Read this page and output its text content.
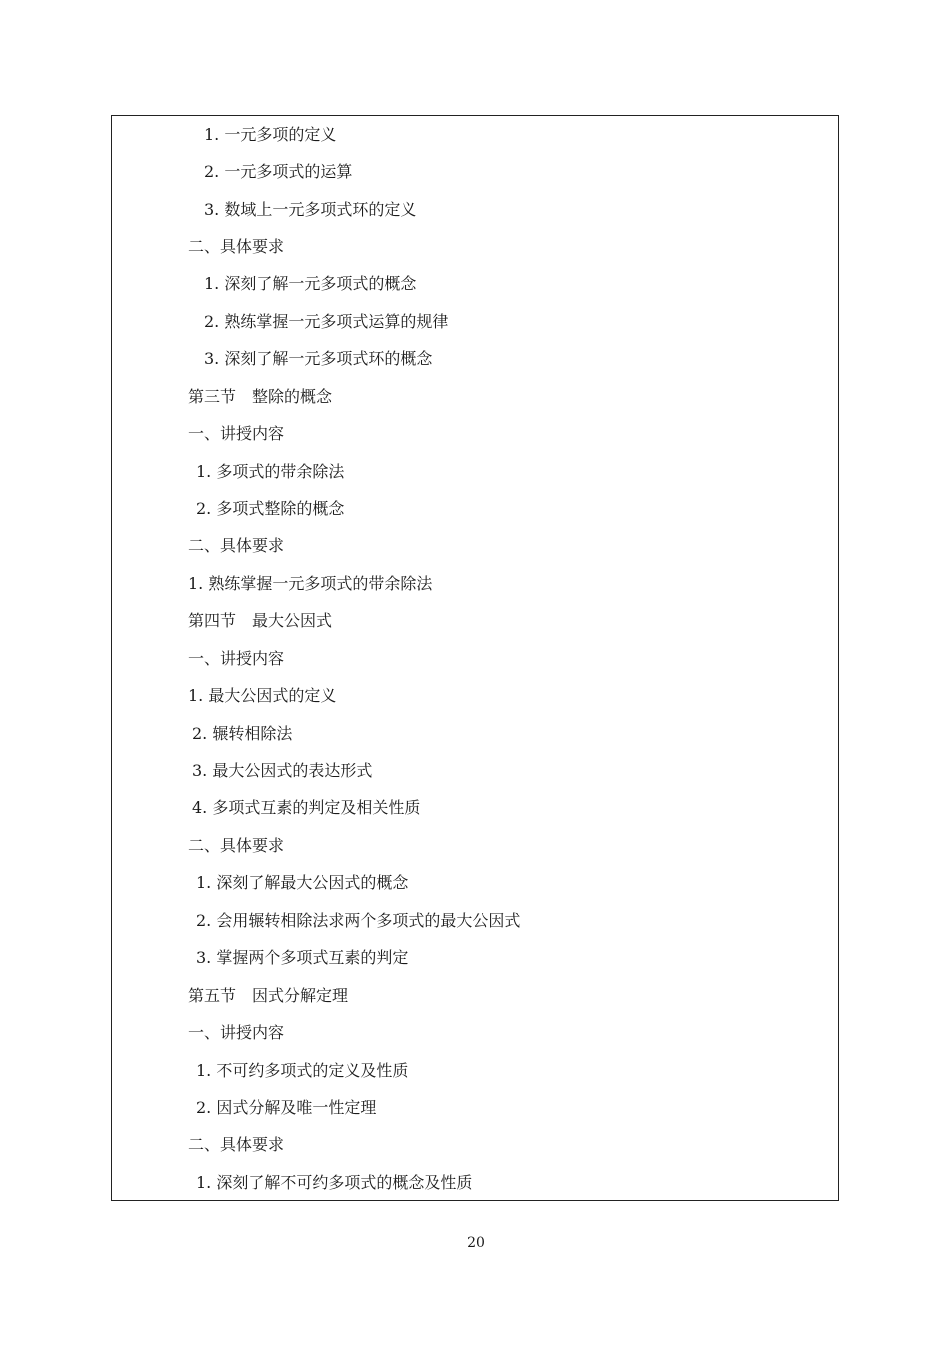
1. 一元多项的定义
2. 一元多项式的运算
3. 数域上一元多项式环的定义
二、具体要求
1. 深刻了解一元多项式的概念
2. 熟练掌握一元多项式运算的规律
3. 深刻了解一元多项式环的概念
第三节　整除的概念
一、讲授内容
1. 多项式的带余除法
2. 多项式整除的概念
二、具体要求
1. 熟练掌握一元多项式的带余除法
第四节　最大公因式
一、讲授内容
1. 最大公因式的定义
2. 辗转相除法
3. 最大公因式的表达形式
4. 多项式互素的判定及相关性质
二、具体要求
1. 深刻了解最大公因式的概念
2. 会用辗转相除法求两个多项式的最大公因式
3. 掌握两个多项式互素的判定
第五节　因式分解定理
一、讲授内容
1. 不可约多项式的定义及性质
2. 因式分解及唯一性定理
二、具体要求
1. 深刻了解不可约多项式的概念及性质
20
